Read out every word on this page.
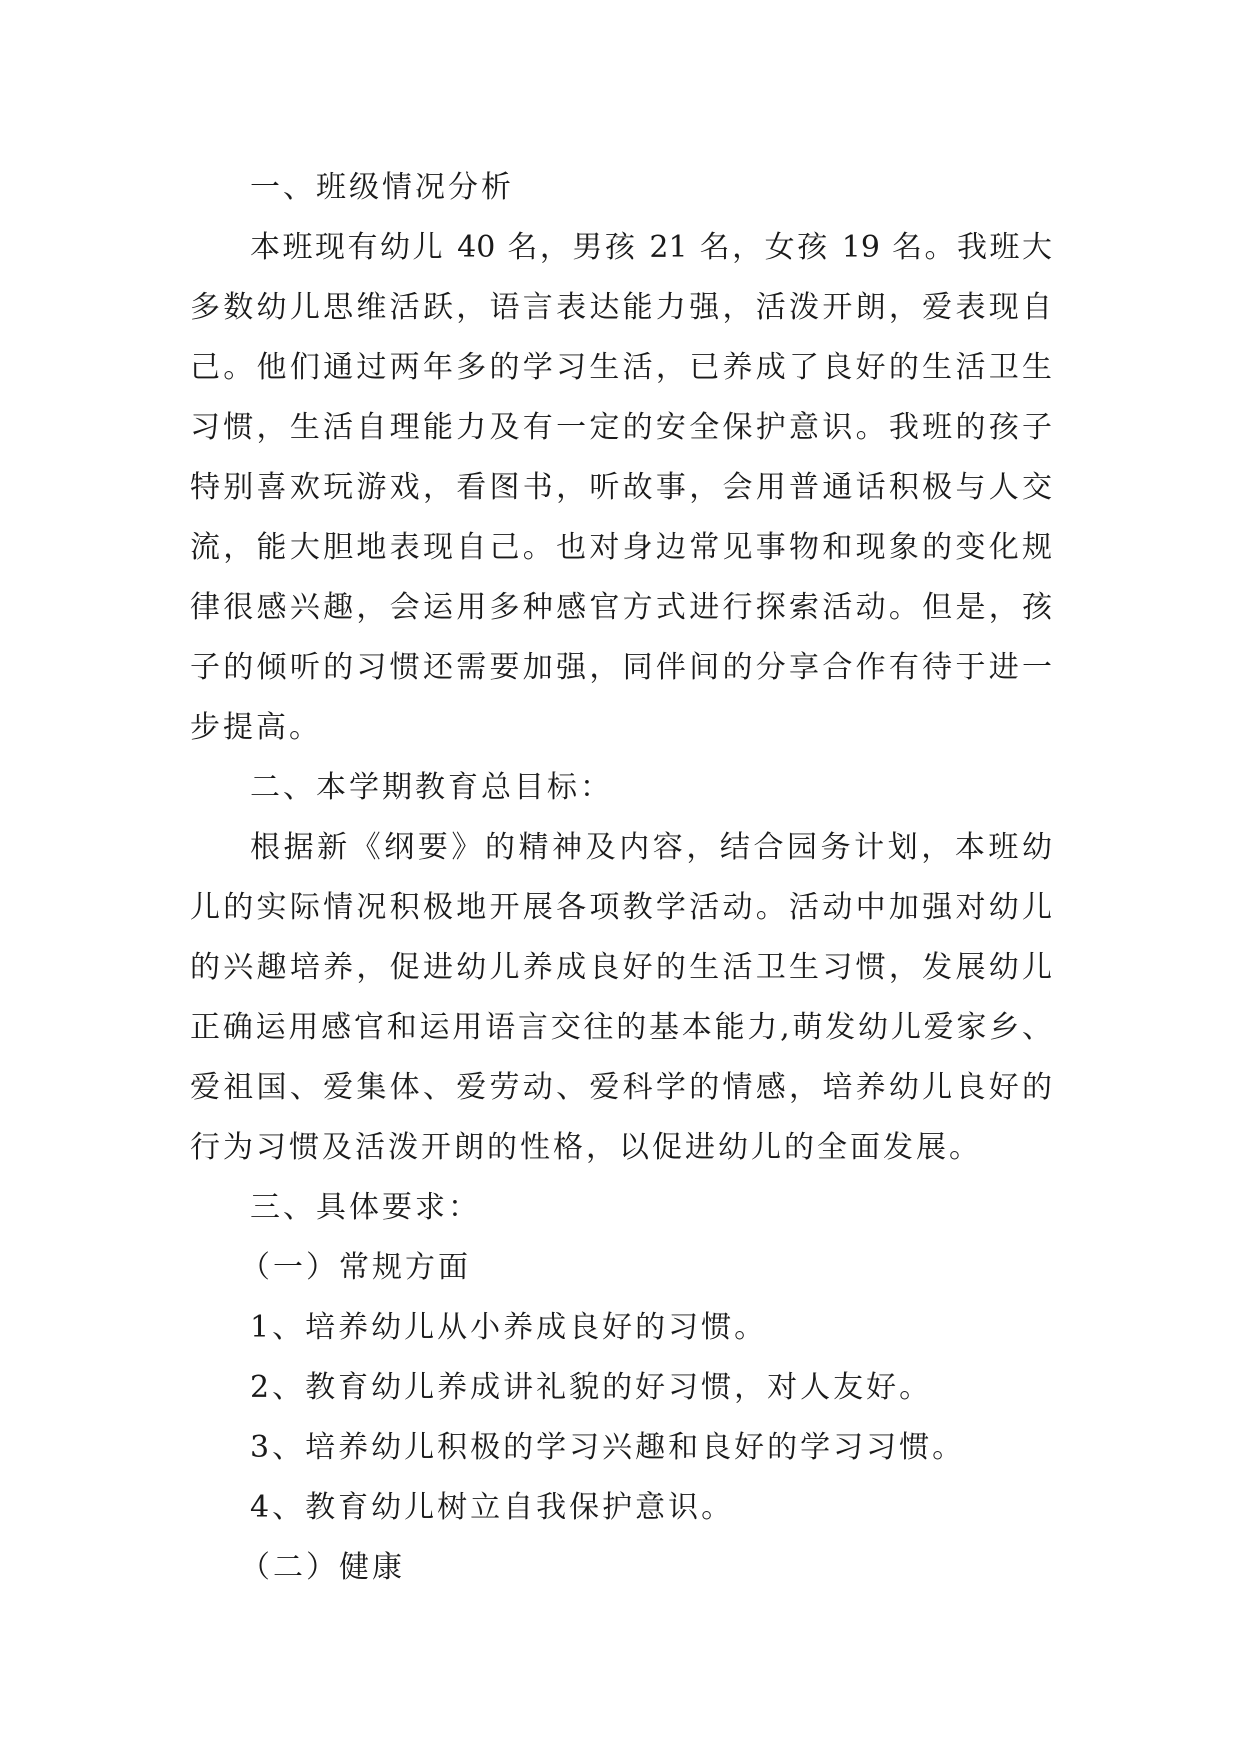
一、班级情况分析
本班现有幼儿 40 名，男孩 21 名，女孩 19 名。我班大
多数幼儿思维活跃，语言表达能力强，活泼开朗，爱表现自
己。他们通过两年多的学习生活，已养成了良好的生活卫生
习惯，生活自理能力及有一定的安全保护意识。我班的孩子
特别喜欢玩游戏，看图书，听故事，会用普通话积极与人交
流，能大胆地表现自己。也对身边常见事物和现象的变化规
律很感兴趣，会运用多种感官方式进行探索活动。但是，孩
子的倾听的习惯还需要加强，同伴间的分享合作有待于进一
步提高。
二、本学期教育总目标：
根据新《纲要》的精神及内容，结合园务计划，本班幼
儿的实际情况积极地开展各项教学活动。活动中加强对幼儿
的兴趣培养，促进幼儿养成良好的生活卫生习惯，发展幼儿
正确运用感官和运用语言交往的基本能力,萌发幼儿爱家乡、
爱祖国、爱集体、爱劳动、爱科学的情感，培养幼儿良好的
行为习惯及活泼开朗的性格，以促进幼儿的全面发展。
三、具体要求：
（一）常规方面
1、培养幼儿从小养成良好的习惯。
2、教育幼儿养成讲礼貌的好习惯，对人友好。
3、培养幼儿积极的学习兴趣和良好的学习习惯。
4、教育幼儿树立自我保护意识。
（二）健康
